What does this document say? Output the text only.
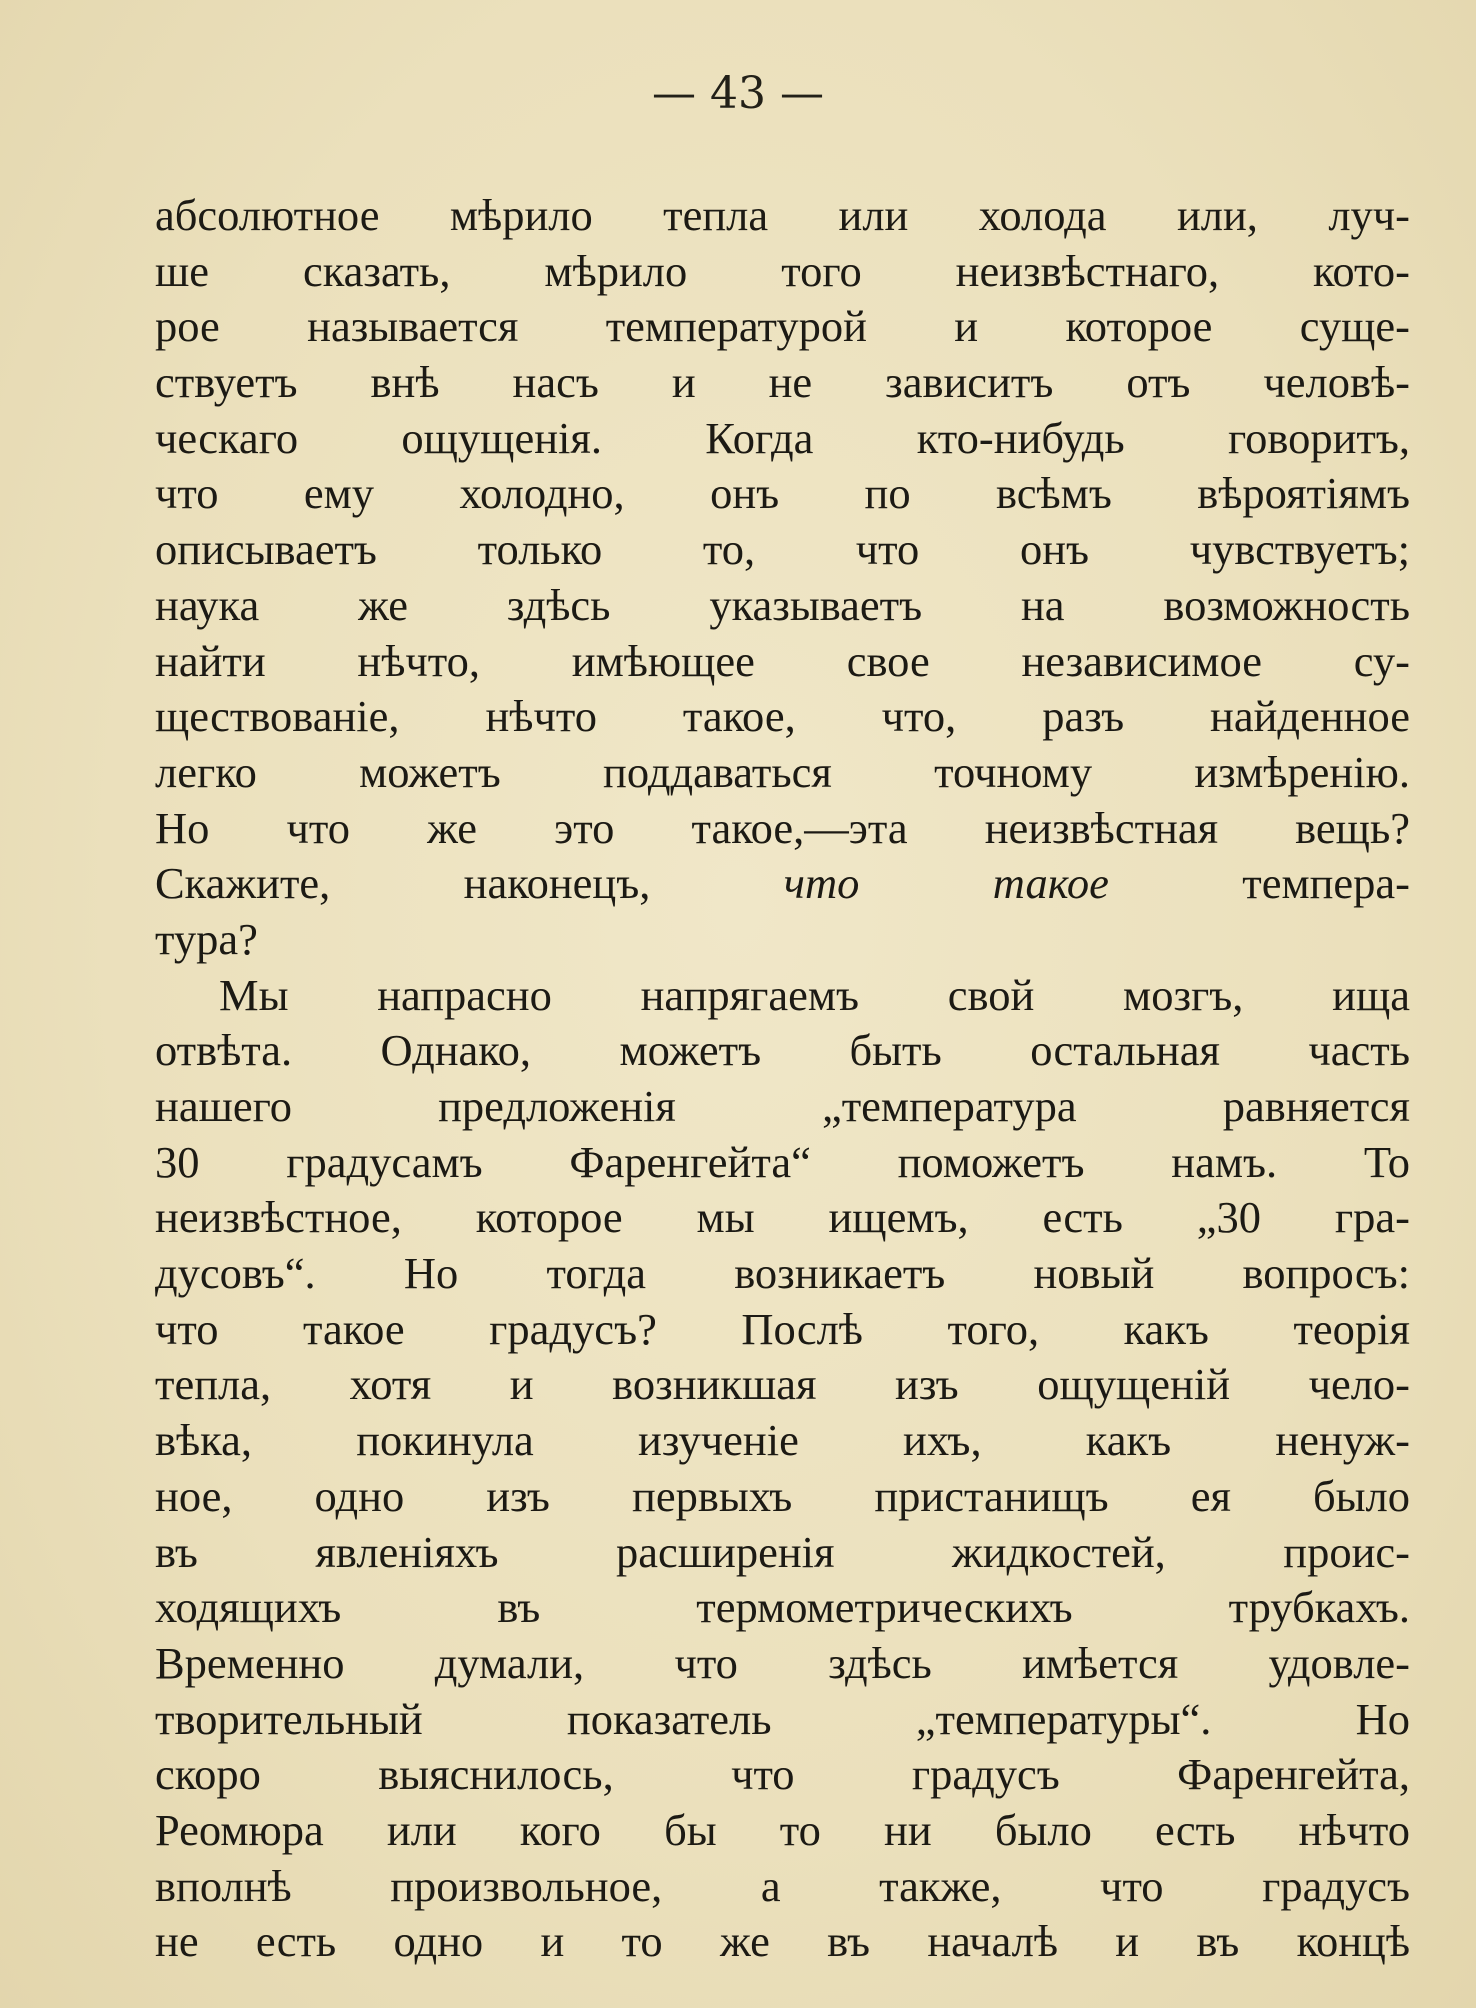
— 43 —
абсолютное мѣрило тепла или холода или, луч-
ше сказать, мѣрило того неизвѣстнаго, кото-
рое называется температурой и которое суще-
ствуетъ внѣ насъ и не зависитъ отъ человѣ-
ческаго ощущенія. Когда кто-нибудь говоритъ,
что ему холодно, онъ по всѣмъ вѣроятіямъ
описываетъ только то, что онъ чувствуетъ;
наука же здѣсь указываетъ на возможность
найти нѣчто, имѣющее свое независимое су-
ществованіе, нѣчто такое, что, разъ найденное
легко можетъ поддаваться точному измѣренію.
Но что же это такое,—эта неизвѣстная вещь?
Скажите, наконецъ, что такое темпера-
тура?
Мы напрасно напрягаемъ свой мозгъ, ища
отвѣта. Однако, можетъ быть остальная часть
нашего предложенія „температура равняется
30 градусамъ Фаренгейта“ поможетъ намъ. То
неизвѣстное, которое мы ищемъ, есть „30 гра-
дусовъ“. Но тогда возникаетъ новый вопросъ:
что такое градусъ? Послѣ того, какъ теорія
тепла, хотя и возникшая изъ ощущеній чело-
вѣка, покинула изученіе ихъ, какъ ненуж-
ное, одно изъ первыхъ пристанищъ ея было
въ явленіяхъ расширенія жидкостей, проис-
ходящихъ въ термометрическихъ трубкахъ.
Временно думали, что здѣсь имѣется удовле-
творительный показатель „температуры“. Но
скоро выяснилось, что градусъ Фаренгейта,
Реомюра или кого бы то ни было есть нѣчто
вполнѣ произвольное, а также, что градусъ
не есть одно и то же въ началѣ и въ концѣ
